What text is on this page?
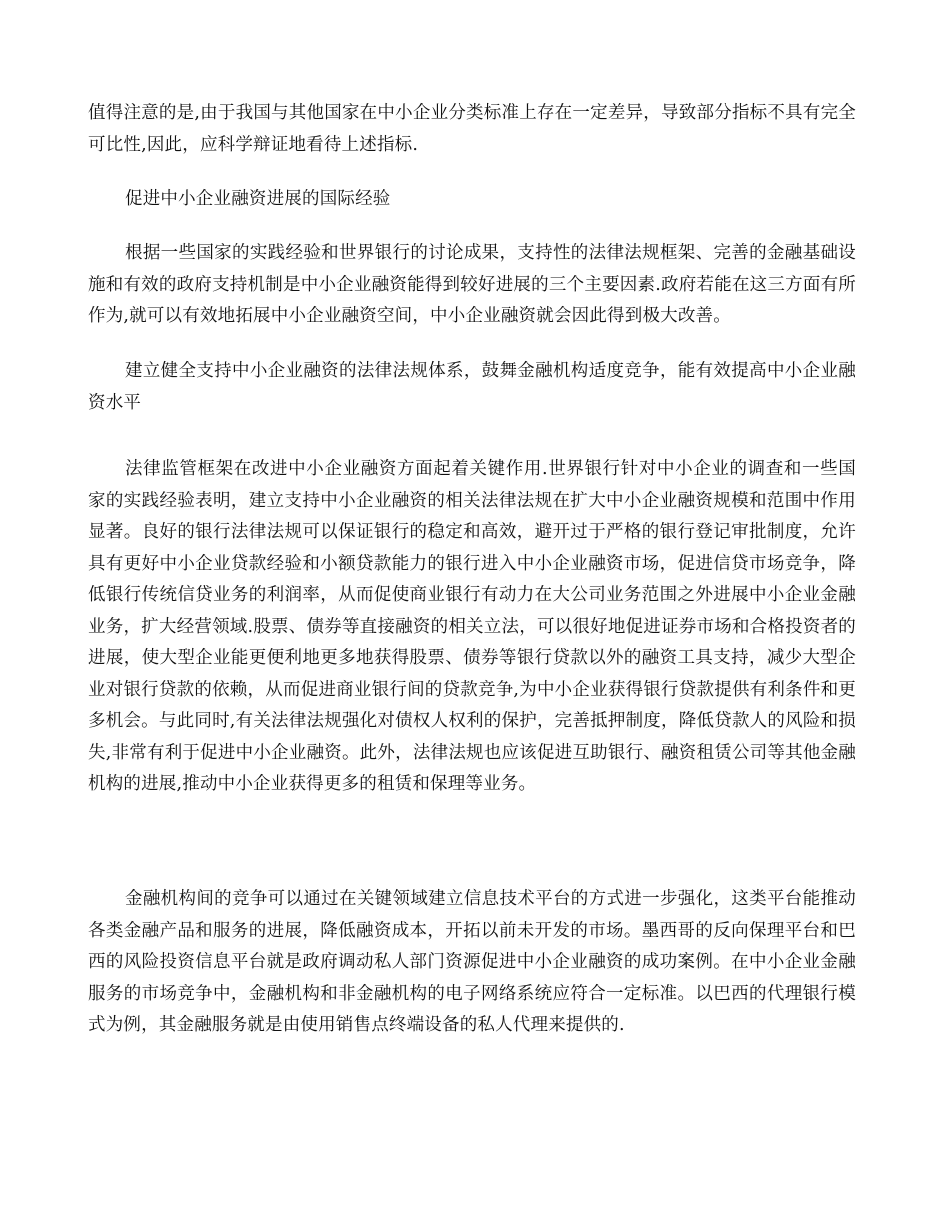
值得注意的是,由于我国与其他国家在中小企业分类标准上存在一定差异，导致部分指标不具有完全可比性,因此，应科学辩证地看待上述指标.

促进中小企业融资进展的国际经验

根据一些国家的实践经验和世界银行的讨论成果，支持性的法律法规框架、完善的金融基础设施和有效的政府支持机制是中小企业融资能得到较好进展的三个主要因素.政府若能在这三方面有所作为,就可以有效地拓展中小企业融资空间，中小企业融资就会因此得到极大改善。

建立健全支持中小企业融资的法律法规体系，鼓舞金融机构适度竞争，能有效提高中小企业融资水平

法律监管框架在改进中小企业融资方面起着关键作用.世界银行针对中小企业的调查和一些国家的实践经验表明，建立支持中小企业融资的相关法律法规在扩大中小企业融资规模和范围中作用显著。良好的银行法律法规可以保证银行的稳定和高效，避开过于严格的银行登记审批制度，允许具有更好中小企业贷款经验和小额贷款能力的银行进入中小企业融资市场，促进信贷市场竞争，降低银行传统信贷业务的利润率，从而促使商业银行有动力在大公司业务范围之外进展中小企业金融业务，扩大经营领域.股票、债券等直接融资的相关立法，可以很好地促进证券市场和合格投资者的进展，使大型企业能更便利地更多地获得股票、债券等银行贷款以外的融资工具支持，减少大型企业对银行贷款的依赖，从而促进商业银行间的贷款竞争,为中小企业获得银行贷款提供有利条件和更多机会。与此同时,有关法律法规强化对债权人权利的保护，完善抵押制度，降低贷款人的风险和损失,非常有利于促进中小企业融资。此外，法律法规也应该促进互助银行、融资租赁公司等其他金融机构的进展,推动中小企业获得更多的租赁和保理等业务。

金融机构间的竞争可以通过在关键领域建立信息技术平台的方式进一步强化，这类平台能推动各类金融产品和服务的进展，降低融资成本，开拓以前未开发的市场。墨西哥的反向保理平台和巴西的风险投资信息平台就是政府调动私人部门资源促进中小企业融资的成功案例。在中小企业金融服务的市场竞争中，金融机构和非金融机构的电子网络系统应符合一定标准。以巴西的代理银行模式为例，其金融服务就是由使用销售点终端设备的私人代理来提供的.
